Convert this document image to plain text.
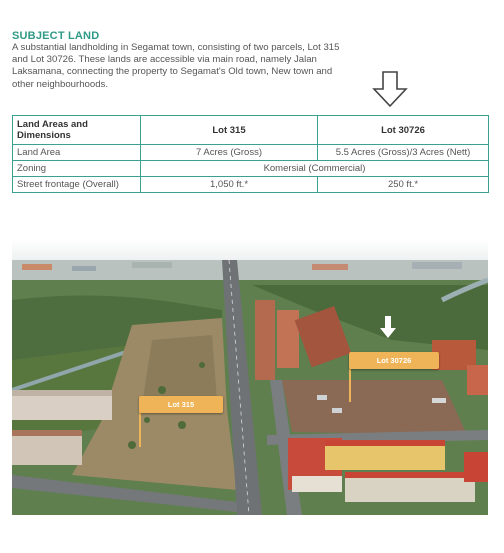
SUBJECT LAND

A substantial landholding in Segamat town, consisting of two parcels, Lot 315 and Lot 30726. These lands are accessible via main road, namely Jalan Laksamana, connecting the property to Segamat's Old town, New town and other neighbourhoods.

Land Areas and Dimensions	Lot 315	Lot 30726
Land Area	7 Acres (Gross)	5.5 Acres (Gross)/3 Acres (Nett)
Zoning	Komersial (Commercial)	
Street frontage (Overall)	1,050 ft.*	250 ft.*
Lot 315
Lot 30726
